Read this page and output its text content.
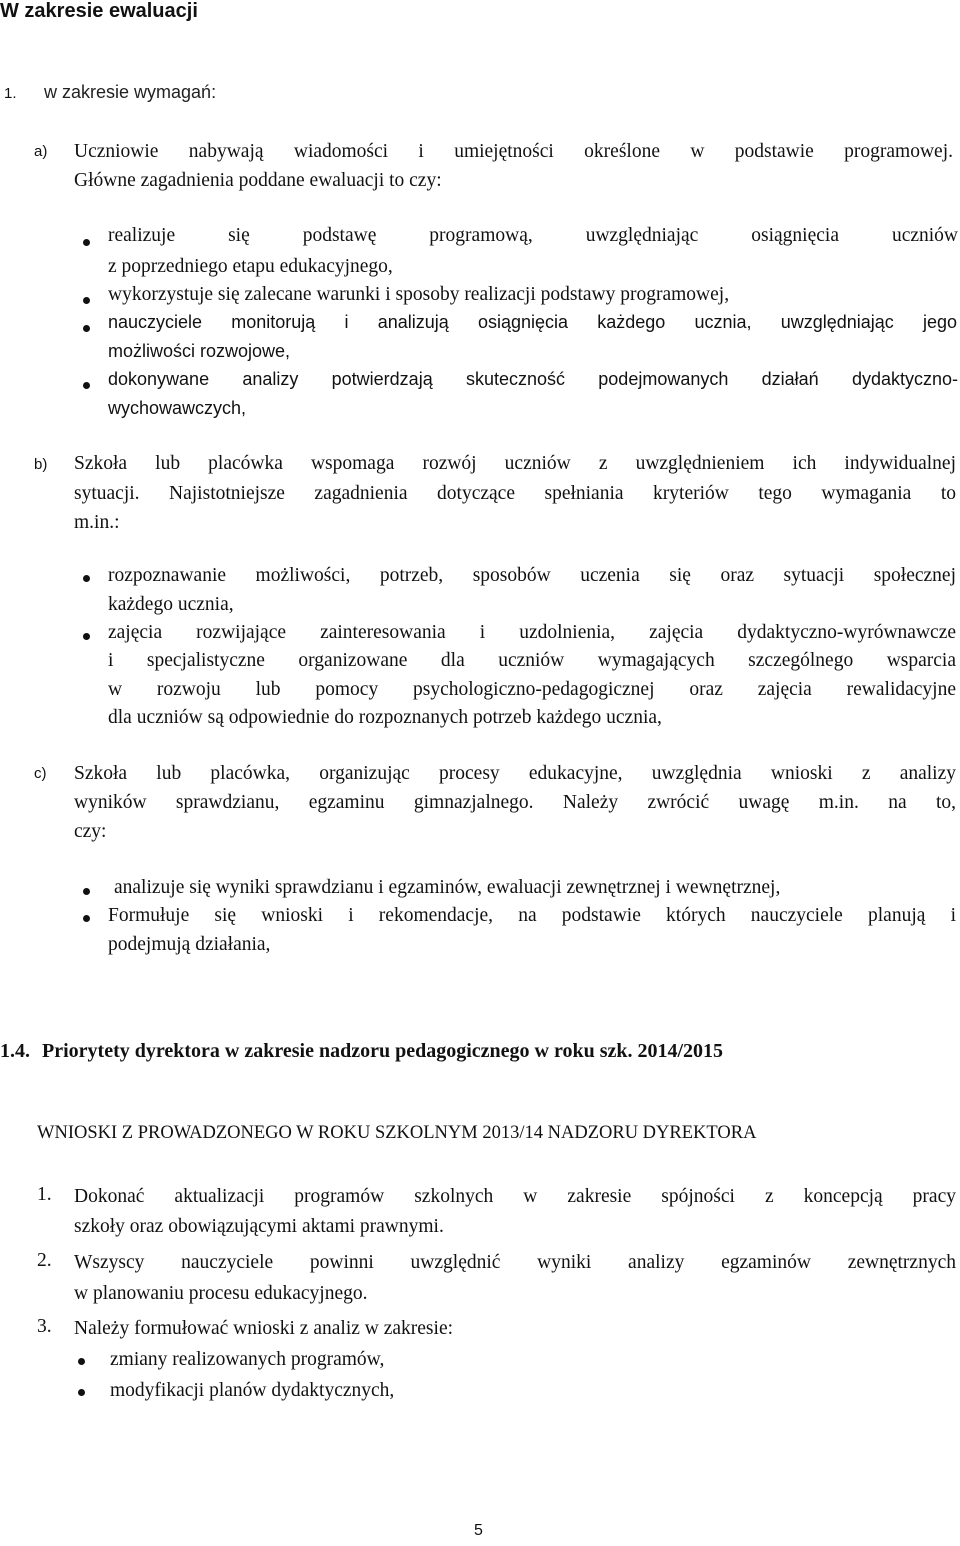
W zakresie ewaluacji
1. w zakresie wymagań:
a) Uczniowie nabywają wiadomości i umiejętności określone w podstawie programowej.
Główne zagadnienia poddane ewaluacji to czy:
realizuje się podstawę programową, uwzględniając osiągnięcia uczniów
z poprzedniego etapu edukacyjnego,
wykorzystuje się zalecane warunki i sposoby realizacji podstawy programowej,
nauczyciele monitorują i analizują osiągnięcia każdego ucznia, uwzględniając jego
możliwości rozwojowe,
dokonywane analizy potwierdzają skuteczność podejmowanych działań dydaktyczno-
wychowawczych,
b) Szkoła lub placówka wspomaga rozwój uczniów z uwzględnieniem ich indywidualnej
sytuacji. Najistotniejsze zagadnienia dotyczące spełniania kryteriów tego wymagania to
m.in.:
rozpoznawanie możliwości, potrzeb, sposobów uczenia się oraz sytuacji społecznej
każdego ucznia,
zajęcia rozwijające zainteresowania i uzdolnienia, zajęcia dydaktyczno-wyrównawcze
i specjalistyczne organizowane dla uczniów wymagających szczególnego wsparcia
w rozwoju lub pomocy psychologiczno-pedagogicznej oraz zajęcia rewalidacyjne
dla uczniów są odpowiednie do rozpoznanych potrzeb każdego ucznia,
c) Szkoła lub placówka, organizując procesy edukacyjne, uwzględnia wnioski z analizy
wyników sprawdzianu, egzaminu gimnazjalnego. Należy zwrócić uwagę m.in. na to,
czy:
analizuje się wyniki sprawdzianu i egzaminów, ewaluacji zewnętrznej i wewnętrznej,
Formułuje się wnioski i rekomendacje, na podstawie których nauczyciele planują i
podejmują działania,
1.4. Priorytety dyrektora w zakresie nadzoru pedagogicznego w roku szk. 2014/2015
WNIOSKI Z PROWADZONEGO W ROKU SZKOLNYM 2013/14 NADZORU DYREKTORA
1. Dokonać aktualizacji programów szkolnych w zakresie spójności z koncepcją pracy
szkoły oraz obowiązującymi aktami prawnymi.
2. Wszyscy nauczyciele powinni uwzględnić wyniki analizy egzaminów zewnętrznych
w planowaniu procesu edukacyjnego.
3. Należy formułować wnioski z analiz w zakresie:
zmiany realizowanych programów,
modyfikacji planów dydaktycznych,
5
